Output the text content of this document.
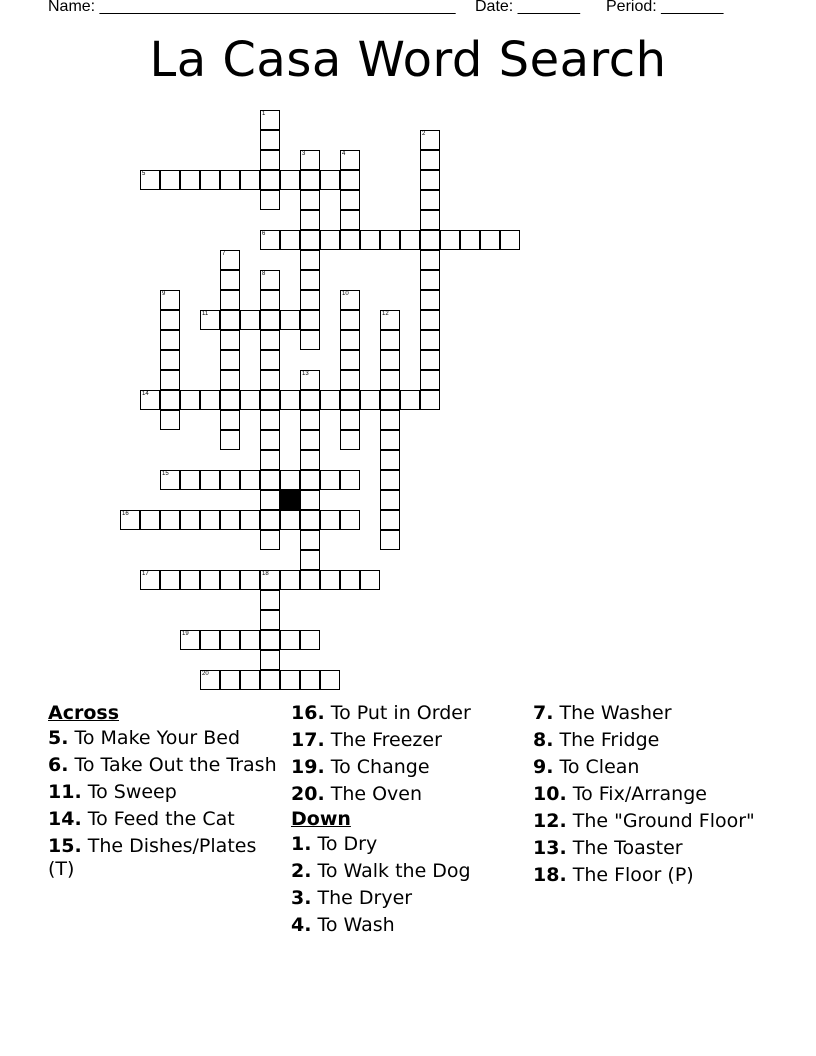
Name: ________________________________________ Date: _______ Period: _______
La Casa Word Search
1
2
3	4
5
6
7
8
9	10
11	12
13
14
15
16
17	18
19
20
Across
5. To Make Your Bed
6. To Take Out the Trash
11. To Sweep
14. To Feed the Cat
15. The Dishes/Plates (T)
16. To Put in Order
17. The Freezer
19. To Change
20. The Oven
Down
1. To Dry
2. To Walk the Dog
3. The Dryer
4. To Wash
7. The Washer
8. The Fridge
9. To Clean
10. To Fix/Arrange
12. The "Ground Floor"
13. The Toaster
18. The Floor (P)
